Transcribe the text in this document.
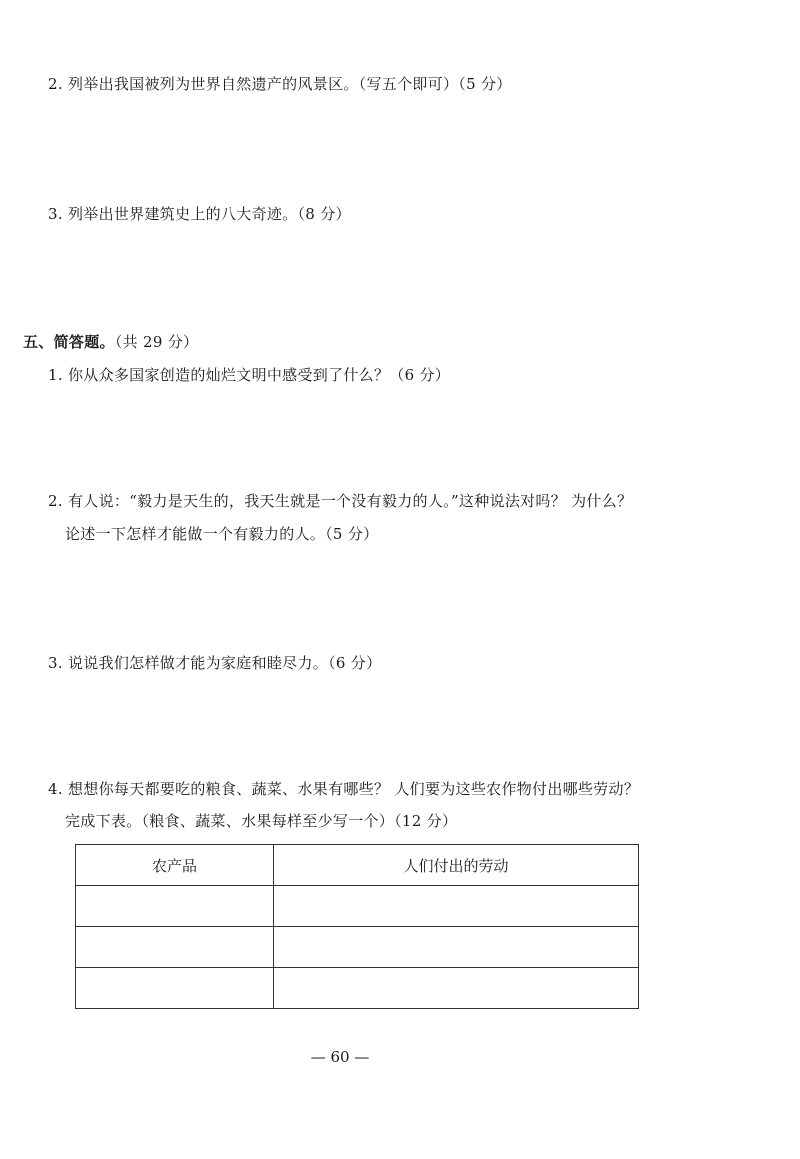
2. 列举出我国被列为世界自然遗产的风景区。（写五个即可）（5 分）
3. 列举出世界建筑史上的八大奇迹。（8 分）
五、简答题。（共 29 分）
1. 你从众多国家创造的灿烂文明中感受到了什么？（6 分）
2. 有人说：“毅力是天生的，我天生就是一个没有毅力的人。”这种说法对吗？ 为什么？
论述一下怎样才能做一个有毅力的人。（5 分）
3. 说说我们怎样做才能为家庭和睦尽力。（6 分）
4. 想想你每天都要吃的粮食、蔬菜、水果有哪些？ 人们要为这些农作物付出哪些劳动？
完成下表。（粮食、蔬菜、水果每样至少写一个）（12 分）
农产品	人们付出的劳动

— 60 —
